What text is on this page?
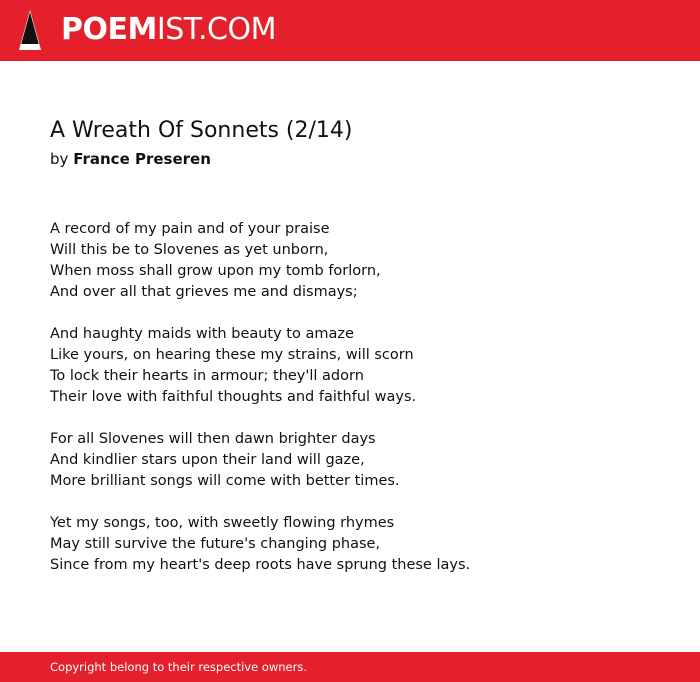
POEMIST.COM
A Wreath Of Sonnets (2/14)
by France Preseren
A record of my pain and of your praise
Will this be to Slovenes as yet unborn,
When moss shall grow upon my tomb forlorn,
And over all that grieves me and dismays;
And haughty maids with beauty to amaze
Like yours, on hearing these my strains, will scorn
To lock their hearts in armour; they'll adorn
Their love with faithful thoughts and faithful ways.
For all Slovenes will then dawn brighter days
And kindlier stars upon their land will gaze,
More brilliant songs will come with better times.
Yet my songs, too, with sweetly flowing rhymes
May still survive the future's changing phase,
Since from my heart's deep roots have sprung these lays.
Copyright belong to their respective owners.
